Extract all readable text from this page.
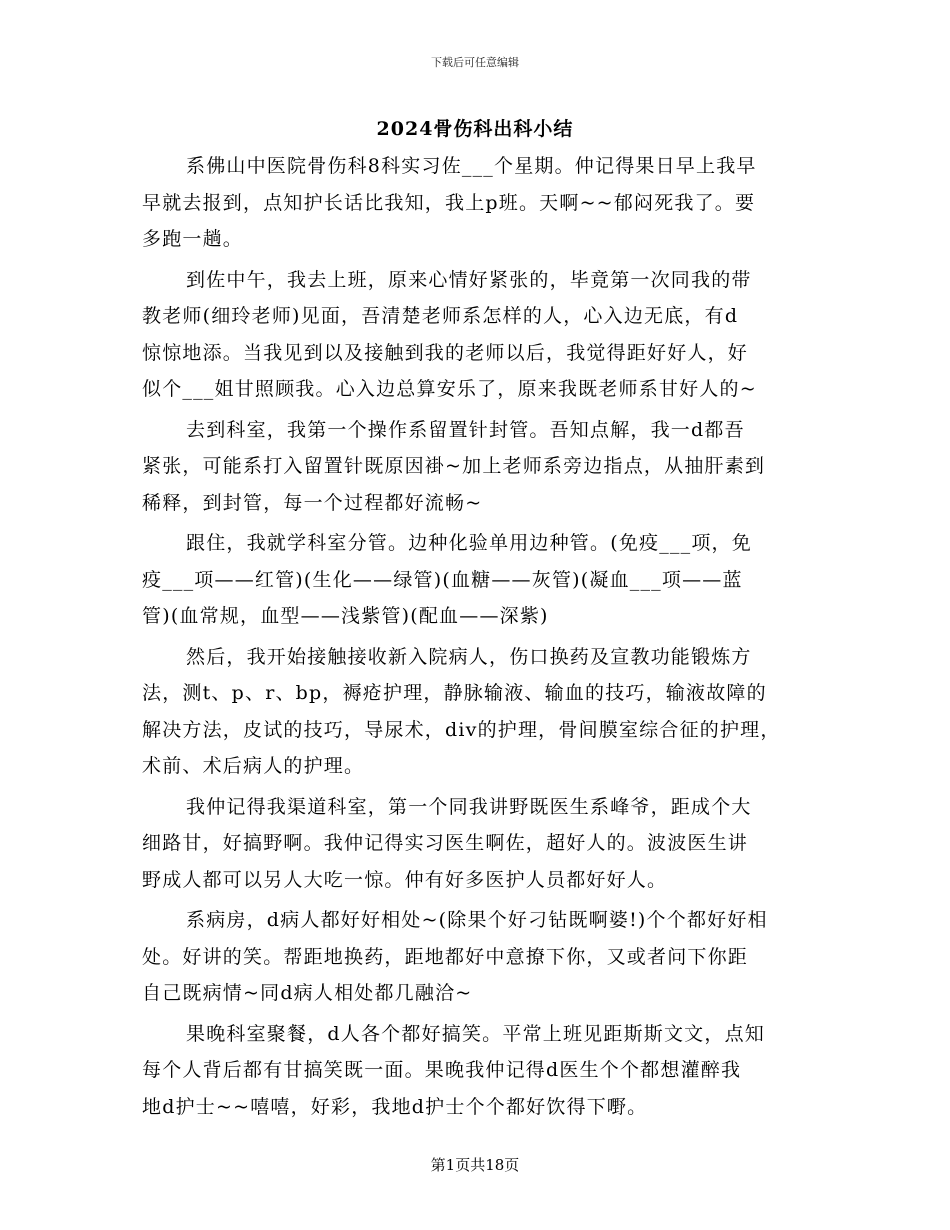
下载后可任意编辑
2024骨伤科出科小结

系佛山中医院骨伤科8科实习佐___个星期。仲记得果日早上我早
早就去报到，点知护长话比我知，我上p班。天啊~~郁闷死我了。要
多跑一趟。

到佐中午，我去上班，原来心情好紧张的，毕竟第一次同我的带
教老师(细玲老师)见面，吾清楚老师系怎样的人，心入边无底，有d
惊惊地添。当我见到以及接触到我的老师以后，我觉得距好好人，好
似个___姐甘照顾我。心入边总算安乐了，原来我既老师系甘好人的~

去到科室，我第一个操作系留置针封管。吾知点解，我一d都吾
紧张，可能系打入留置针既原因褂~加上老师系旁边指点，从抽肝素到
稀释，到封管，每一个过程都好流畅~

跟住，我就学科室分管。边种化验单用边种管。(免疫___项，免
疫___项——红管)(生化——绿管)(血糖——灰管)(凝血___项——蓝
管)(血常规，血型——浅紫管)(配血——深紫)

然后，我开始接触接收新入院病人，伤口换药及宣教功能锻炼方
法，测t、p、r、bp，褥疮护理，静脉输液、输血的技巧，输液故障的
解决方法，皮试的技巧，导尿术，div的护理，骨间膜室综合征的护理，
术前、术后病人的护理。

我仲记得我渠道科室，第一个同我讲野既医生系峰爷，距成个大
细路甘，好搞野啊。我仲记得实习医生啊佐，超好人的。波波医生讲
野成人都可以另人大吃一惊。仲有好多医护人员都好好人。

系病房，d病人都好好相处~(除果个好刁钻既啊婆!)个个都好好相
处。好讲的笑。帮距地换药，距地都好中意撩下你，又或者问下你距
自己既病情~同d病人相处都几融洽~

果晚科室聚餐，d人各个都好搞笑。平常上班见距斯斯文文，点知
每个人背后都有甘搞笑既一面。果晚我仲记得d医生个个都想灌醉我
地d护士~~嘻嘻，好彩，我地d护士个个都好饮得下嘢。

第1页共18页
